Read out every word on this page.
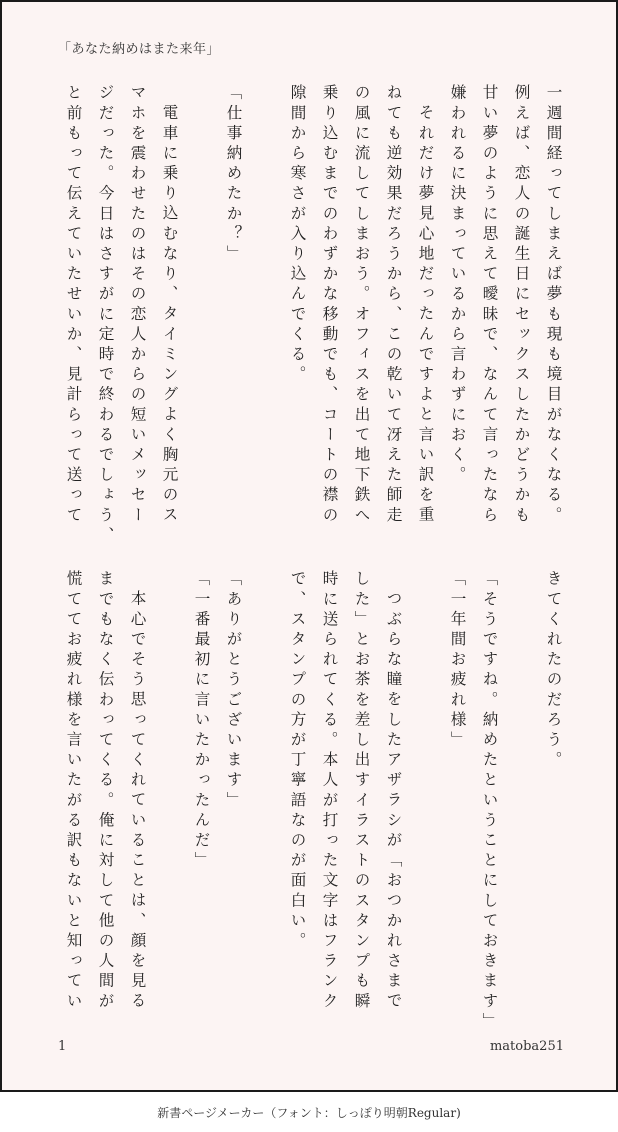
「あなた納めはまた来年」
一週間経ってしまえば夢も現も境目がなくなる。
例えば、恋人の誕生日にセックスしたかどうかも
甘い夢のように思えて曖昧で、なんて言ったなら
嫌われるに決まっているから言わずにおく。
それだけ夢見心地だったんですよと言い訳を重
ねても逆効果だろうから、この乾いて冴えた師走
の風に流してしまおう。オフィスを出て地下鉄へ
乗り込むまでのわずかな移動でも、コートの襟の
隙間から寒さが入り込んでくる。
「仕事納めたか？」
電車に乗り込むなり、タイミングよく胸元のス
マホを震わせたのはその恋人からの短いメッセー
ジだった。今日はさすがに定時で終わるでしょう、
と前もって伝えていたせいか、見計らって送って
きてくれたのだろう。
「そうですね。納めたということにしておきます」
「一年間お疲れ様」
つぶらな瞳をしたアザラシが「おつかれさまで
した」とお茶を差し出すイラストのスタンプも瞬
時に送られてくる。本人が打った文字はフランク
で、スタンプの方が丁寧語なのが面白い。
「ありがとうございます」
「一番最初に言いたかったんだ」
本心でそう思ってくれていることは、顔を見る
までもなく伝わってくる。俺に対して他の人間が
慌ててお疲れ様を言いたがる訳もないと知ってい
1	matoba251
新書ページメーカー（フォント：しっぽり明朝Regular)
